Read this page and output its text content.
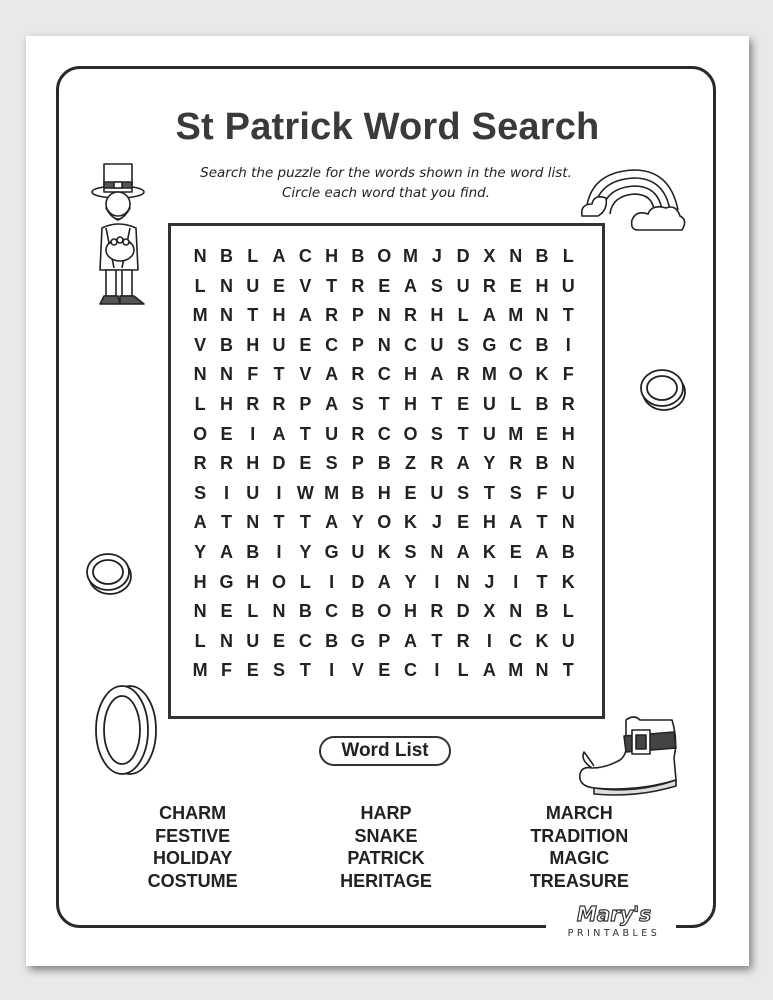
St Patrick Word Search
Search the puzzle for the words shown in the word list.
Circle each word that you find.
N B L A C H B O M J D X N B L
L N U E V T R E A S U R E H U
M N T H A R P N R H L A M N T
V B H U E C P N C U S G C B I
N N F T V A R C H A R M O K F
L H R R P A S T H T E U L B R
O E I A T U R C O S T U M E H
R R H D E S P B Z R A Y R B N
S I U I W M B H E U S T S F U
A T N T T A Y O K J E H A T N
Y A B I Y G U K S N A K E A B
H G H O L	I D A Y I N J	I	T K
N E L N B C B O H R D X N B L
L N U E C B G P A T R I C K U
M F E S T	I V E C I	L A M N T
Word List
CHARM
FESTIVE
HOLIDAY
COSTUME
HARP
SNAKE
PATRICK
HERITAGE
MARCH
TRADITION
MAGIC
TREASURE
Mary's
PRINTABLES
